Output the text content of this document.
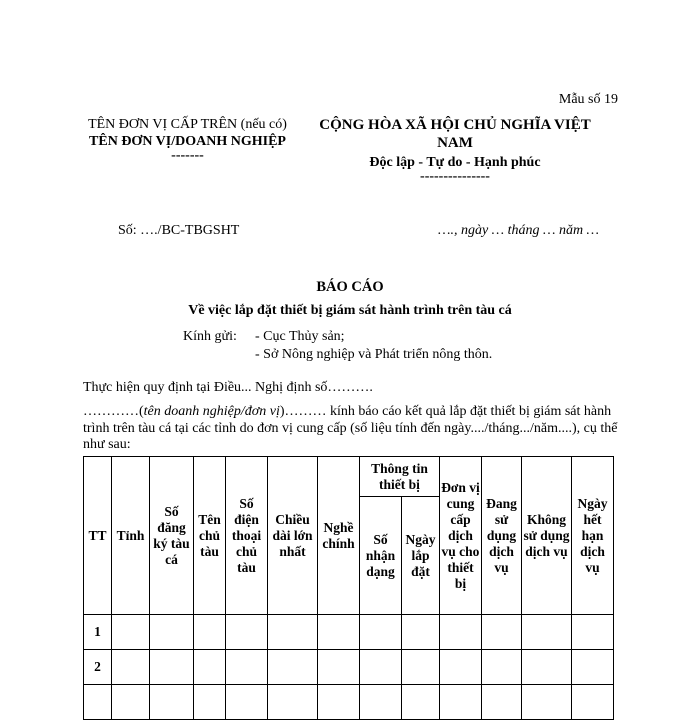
Mẫu số 19
TÊN ĐƠN VỊ CẤP TRÊN (nếu có)
TÊN ĐƠN VỊ/DOANH NGHIỆP
-------
CỘNG HÒA XÃ HỘI CHỦ NGHĨA VIỆT NAM
Độc lập - Tự do - Hạnh phúc
---------------
Số: …./BC-TBGSHT	…., ngày … tháng … năm …
BÁO CÁO
Về việc lắp đặt thiết bị giám sát hành trình trên tàu cá
Kính gửi: - Cục Thủy sản;
- Sở Nông nghiệp và Phát triển nông thôn.
Thực hiện quy định tại Điều... Nghị định số……….
…………(tên doanh nghiệp/đơn vị)……… kính báo cáo kết quả lắp đặt thiết bị giám sát hành trình trên tàu cá tại các tỉnh do đơn vị cung cấp (số liệu tính đến ngày..../tháng.../năm....), cụ thể như sau:
TT	Tỉnh	Số đăng ký tàu cá	Tên chủ tàu	Số điện thoại chủ tàu	Chiều dài lớn nhất	Nghề chính	Thông tin thiết bị		Đơn vị cung cấp dịch vụ cho thiết bị	Đang sử dụng dịch vụ	Không sử dụng dịch vụ	Ngày hết hạn dịch vụ
							Số nhận dạng	Ngày lắp đặt				
1												
2												
